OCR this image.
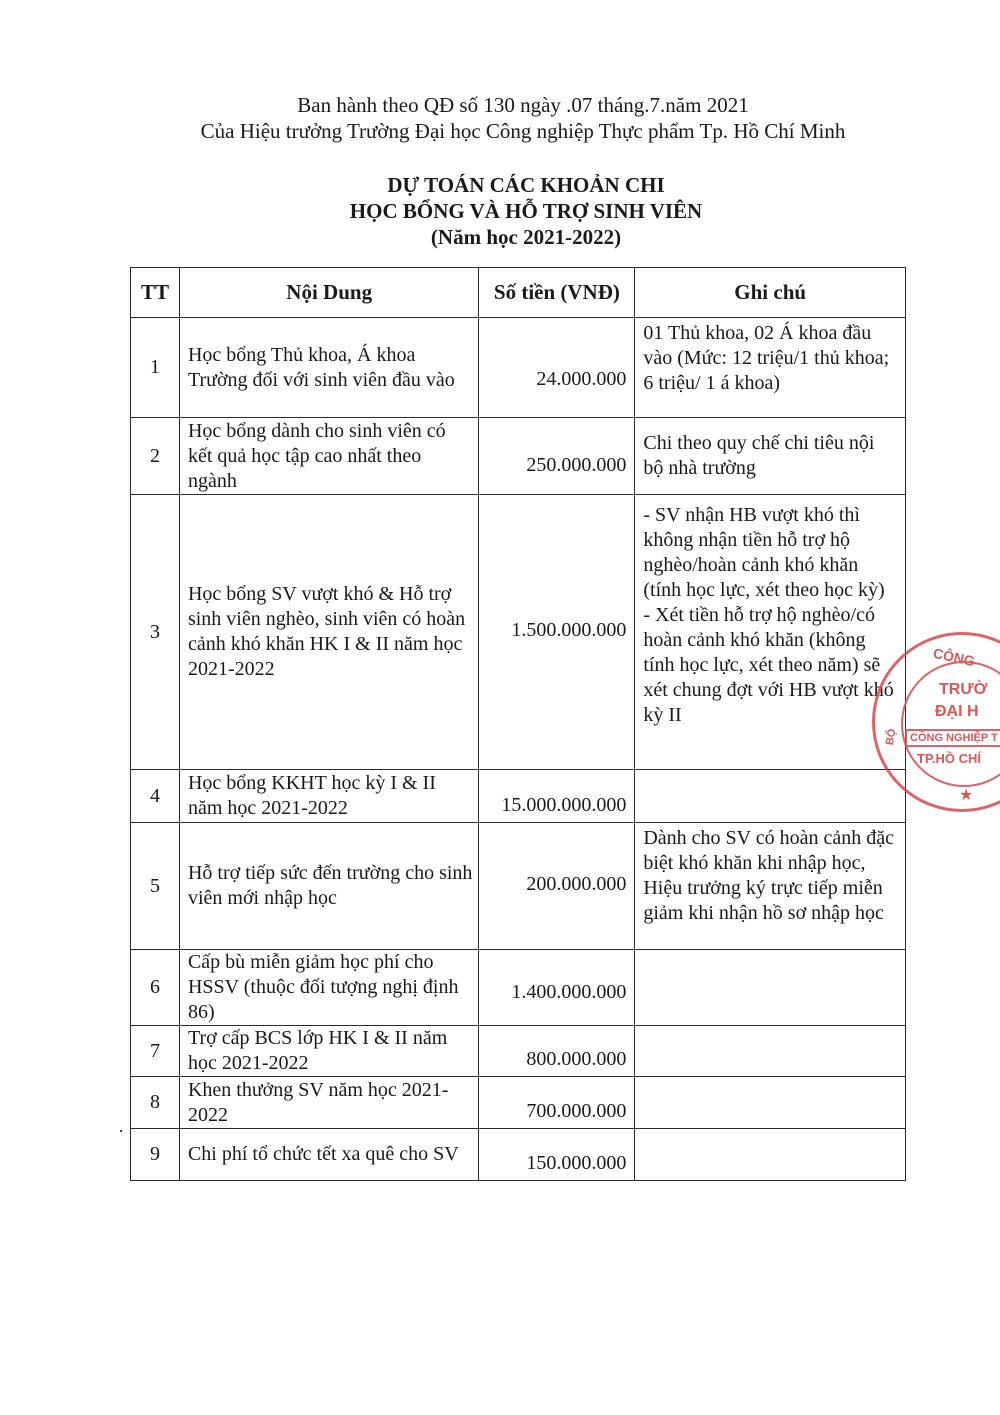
Ban hành theo QĐ số 130 ngày .07 tháng.7.năm 2021
Của Hiệu trưởng Trường Đại học Công nghiệp Thực phẩm Tp. Hồ Chí Minh
DỰ TOÁN CÁC KHOẢN CHI
HỌC BỔNG VÀ HỖ TRỢ SINH VIÊN
(Năm học 2021-2022)
TT	Nội Dung	Số tiền (VNĐ)	Ghi chú
1	Học bổng Thủ khoa, Á khoa Trường đối với sinh viên đầu vào	24.000.000	01 Thủ khoa, 02 Á khoa đầu vào (Mức: 12 triệu/1 thủ khoa; 6 triệu/ 1 á khoa)
2	Học bổng dành cho sinh viên có kết quả học tập cao nhất theo ngành	250.000.000	Chi theo quy chế chi tiêu nội bộ nhà trường
3	Học bổng SV vượt khó & Hỗ trợ sinh viên nghèo, sinh viên có hoàn cảnh khó khăn HK I & II năm học 2021-2022	1.500.000.000	- SV nhận HB vượt khó thì không nhận tiền hỗ trợ hộ nghèo/hoàn cảnh khó khăn (tính học lực, xét theo học kỳ)
- Xét tiền hỗ trợ hộ nghèo/có hoàn cảnh khó khăn (không tính học lực, xét theo năm) sẽ xét chung đợt với HB vượt khó kỳ II

4	Học bổng KKHT học kỳ I & II năm học 2021-2022	15.000.000.000	
5	Hỗ trợ tiếp sức đến trường cho sinh viên mới nhập học	200.000.000	Dành cho SV có hoàn cảnh đặc biệt khó khăn khi nhập học, Hiệu trưởng ký trực tiếp miễn giảm khi nhận hồ sơ nhập học
6	Cấp bù miễn giảm học phí cho HSSV (thuộc đối tượng nghị định 86)	1.400.000.000	
7	Trợ cấp BCS lớp HK I & II năm học 2021-2022	800.000.000	
8	Khen thưởng SV năm học 2021-2022	700.000.000	
9	Chi phí tổ chức tết xa quê cho SV	150.000.000	
CÔNG
BỘ
TRƯỜ
ĐẠI H
CÔNG NGHIỆP T
TP.HỒ CHÍ
★
